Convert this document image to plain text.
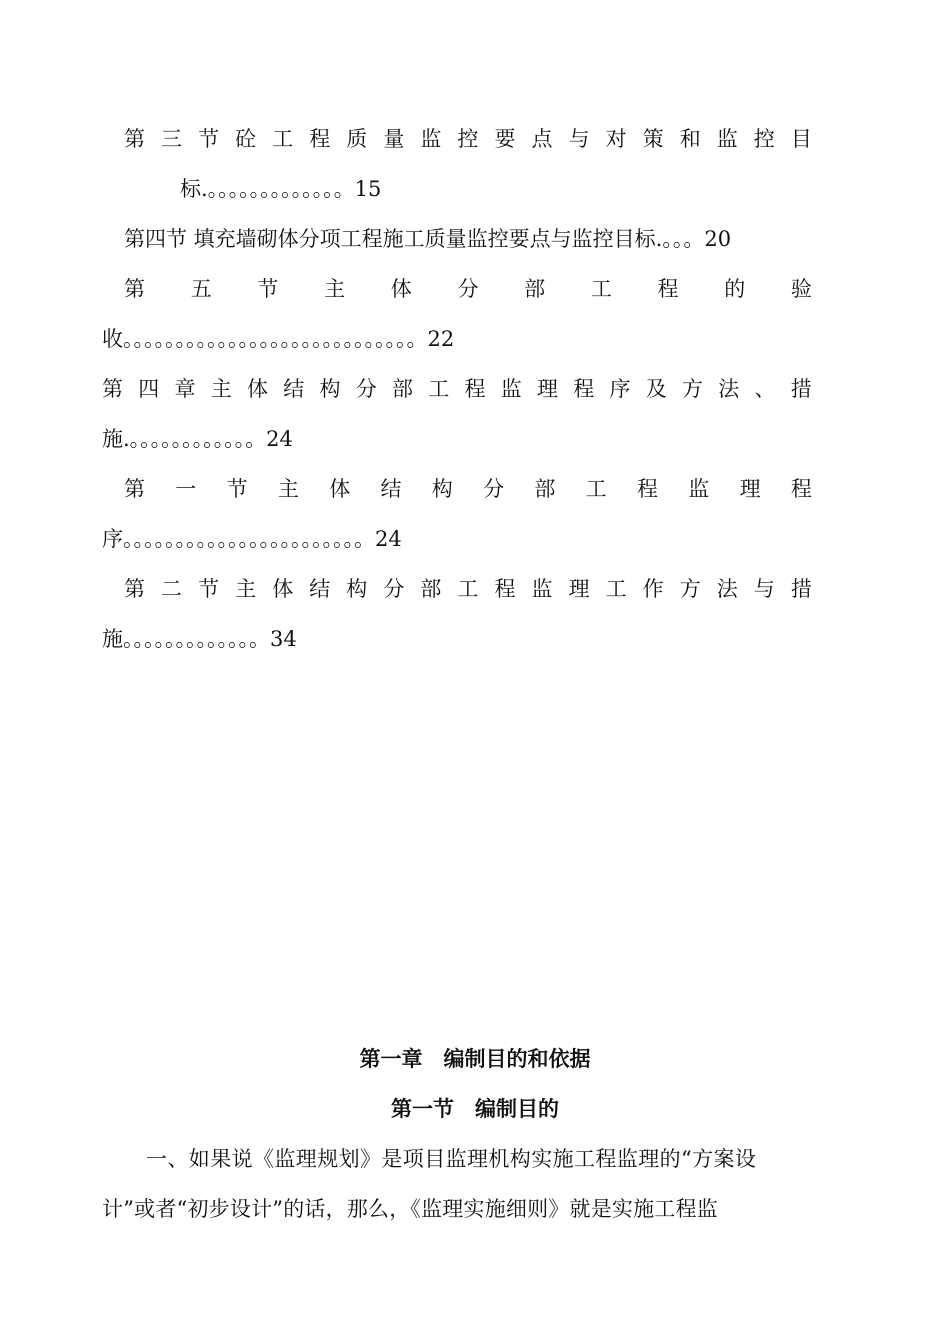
第 三 节 砼 工 程 质 量 监 控 要 点 与 对 策 和 监 控 目
标.。。。。。。。。。。。。。15
第四节 填充墙砌体分项工程施工质量监控要点与监控目标.。。。20
第 五 节 主 体 分 部 工 程 的 验
收。。。。。。。。。。。。。。。。。。。。。。。。。。。。22
第 四 章 主 体 结 构 分 部 工 程 监 理 程 序 及 方 法 、 措
施.。。。。。。。。。。。。24
第 一 节 主 体 结 构 分 部 工 程 监 理 程
序。。。。。。。。。。。。。。。。。。。。。。。24
第 二 节 主 体 结 构 分 部 工 程 监 理 工 作 方 法 与 措
施。。。。。。。。。。。。。34
第一章　编制目的和依据
第一节　编制目的
一、如果说《监理规划》是项目监理机构实施工程监理的“方案设
计”或者“初步设计”的话，那么，《监理实施细则》就是实施工程监
